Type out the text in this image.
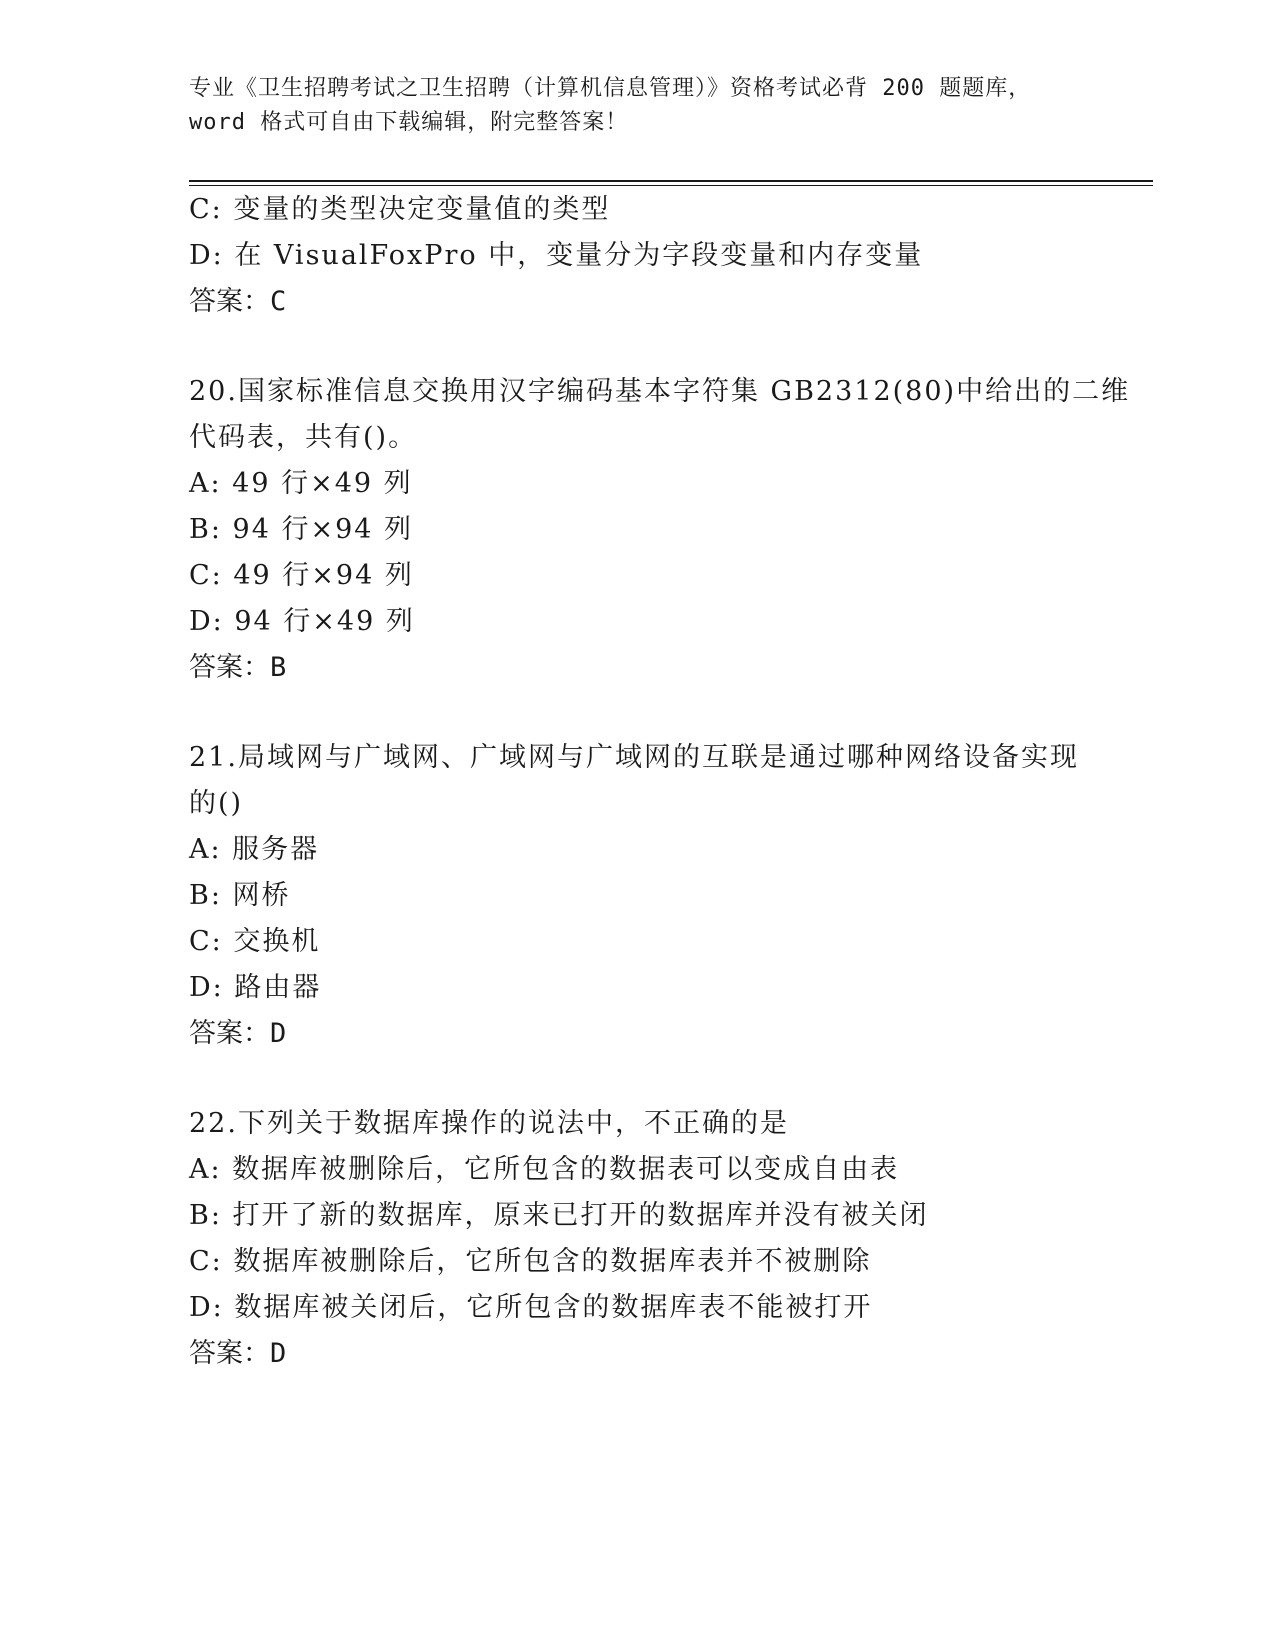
专业《卫生招聘考试之卫生招聘（计算机信息管理）》资格考试必背 200 题题库，
word 格式可自由下载编辑，附完整答案！
C: 变量的类型决定变量值的类型
D: 在 VisualFoxPro 中，变量分为字段变量和内存变量
答案：C
20.国家标准信息交换用汉字编码基本字符集 GB2312(80)中给出的二维
代码表，共有()。
A: 49 行×49 列
B: 94 行×94 列
C: 49 行×94 列
D: 94 行×49 列
答案：B
21.局域网与广域网、广域网与广域网的互联是通过哪种网络设备实现
的()
A: 服务器
B: 网桥
C: 交换机
D: 路由器
答案：D
22.下列关于数据库操作的说法中，不正确的是
A: 数据库被删除后，它所包含的数据表可以变成自由表
B: 打开了新的数据库，原来已打开的数据库并没有被关闭
C: 数据库被删除后，它所包含的数据库表并不被删除
D: 数据库被关闭后，它所包含的数据库表不能被打开
答案：D
